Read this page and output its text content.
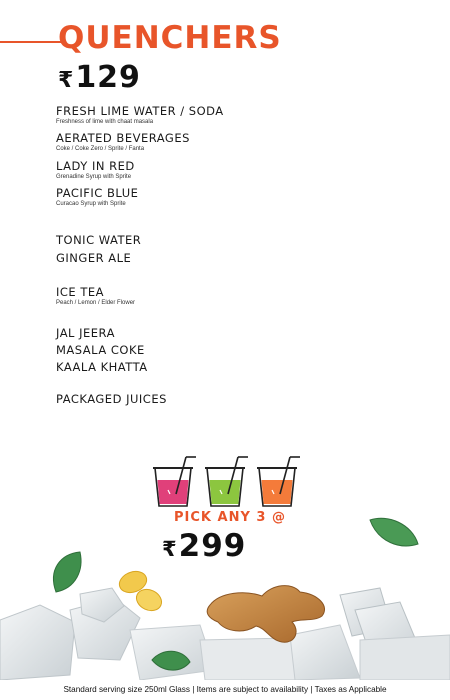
QUENCHERS
₹ 129
FRESH LIME WATER / SODA
Freshness of lime with chaat masala
AERATED BEVERAGES
Coke / Coke Zero / Sprite / Fanta
LADY IN RED
Grenadine Syrup with Sprite
PACIFIC BLUE
Curacao Syrup with Sprite
TONIC WATER
GINGER ALE
ICE TEA
Peach / Lemon / Elder Flower
JAL JEERA
MASALA COKE
KAALA KHATTA
PACKAGED JUICES
PICK ANY 3 @
₹ 299
Standard serving size 250ml Glass | Items are subject to availability | Taxes as Applicable
